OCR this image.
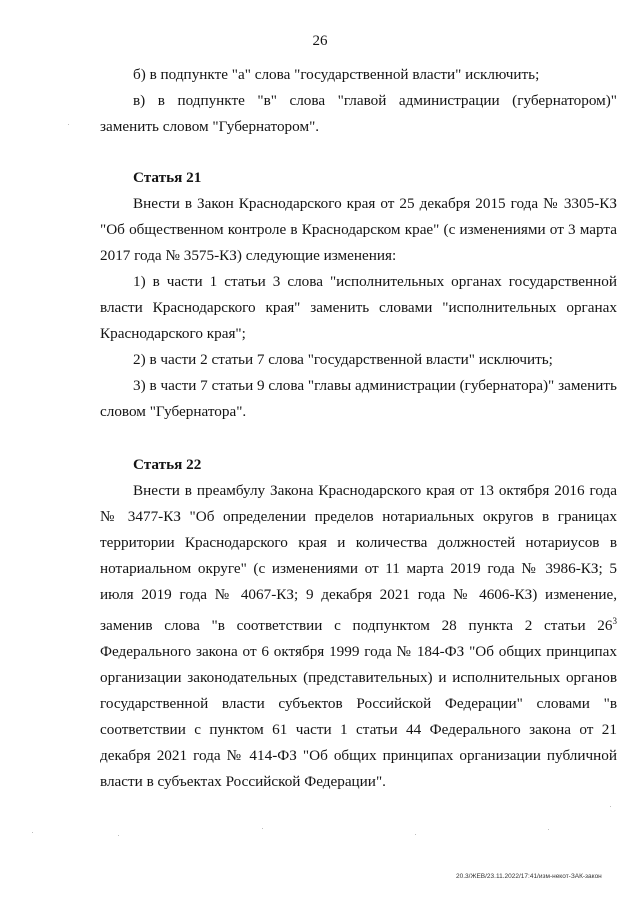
26

б) в подпункте "а" слова "государственной власти" исключить;

в) в подпункте "в" слова "главой администрации (губернатором)" заменить словом "Губернатором".

Статья 21

Внести в Закон Краснодарского края от 25 декабря 2015 года № 3305-КЗ "Об общественном контроле в Краснодарском крае" (с изменениями от 3 марта 2017 года № 3575-КЗ) следующие изменения:

1) в части 1 статьи 3 слова "исполнительных органах государственной власти Краснодарского края" заменить словами "исполнительных органах Краснодарского края";

2) в части 2 статьи 7 слова "государственной власти" исключить;

3) в части 7 статьи 9 слова "главы администрации (губернатора)" заменить словом "Губернатора".

Статья 22

Внести в преамбулу Закона Краснодарского края от 13 октября 2016 года № 3477-КЗ "Об определении пределов нотариальных округов в границах территории Краснодарского края и количества должностей нотариусов в нотариальном округе" (с изменениями от 11 марта 2019 года № 3986-КЗ; 5 июля 2019 года № 4067-КЗ; 9 декабря 2021 года № 4606-КЗ) изменение, заменив слова "в соответствии с подпунктом 28 пункта 2 статьи $26^3$ Федерального закона от 6 октября 1999 года № 184-ФЗ "Об общих принципах организации законодательных (представительных) и исполнительных органов государственной власти субъектов Российской Федерации" словами "в соответствии с пунктом 61 части 1 статьи 44 Федерального закона от 21 декабря 2021 года № 414-ФЗ "Об общих принципах организации публичной власти в субъектах Российской Федерации".

20.3/ЖЕВ/23.11.2022/17:41/изм-некот-ЗАК-закон
